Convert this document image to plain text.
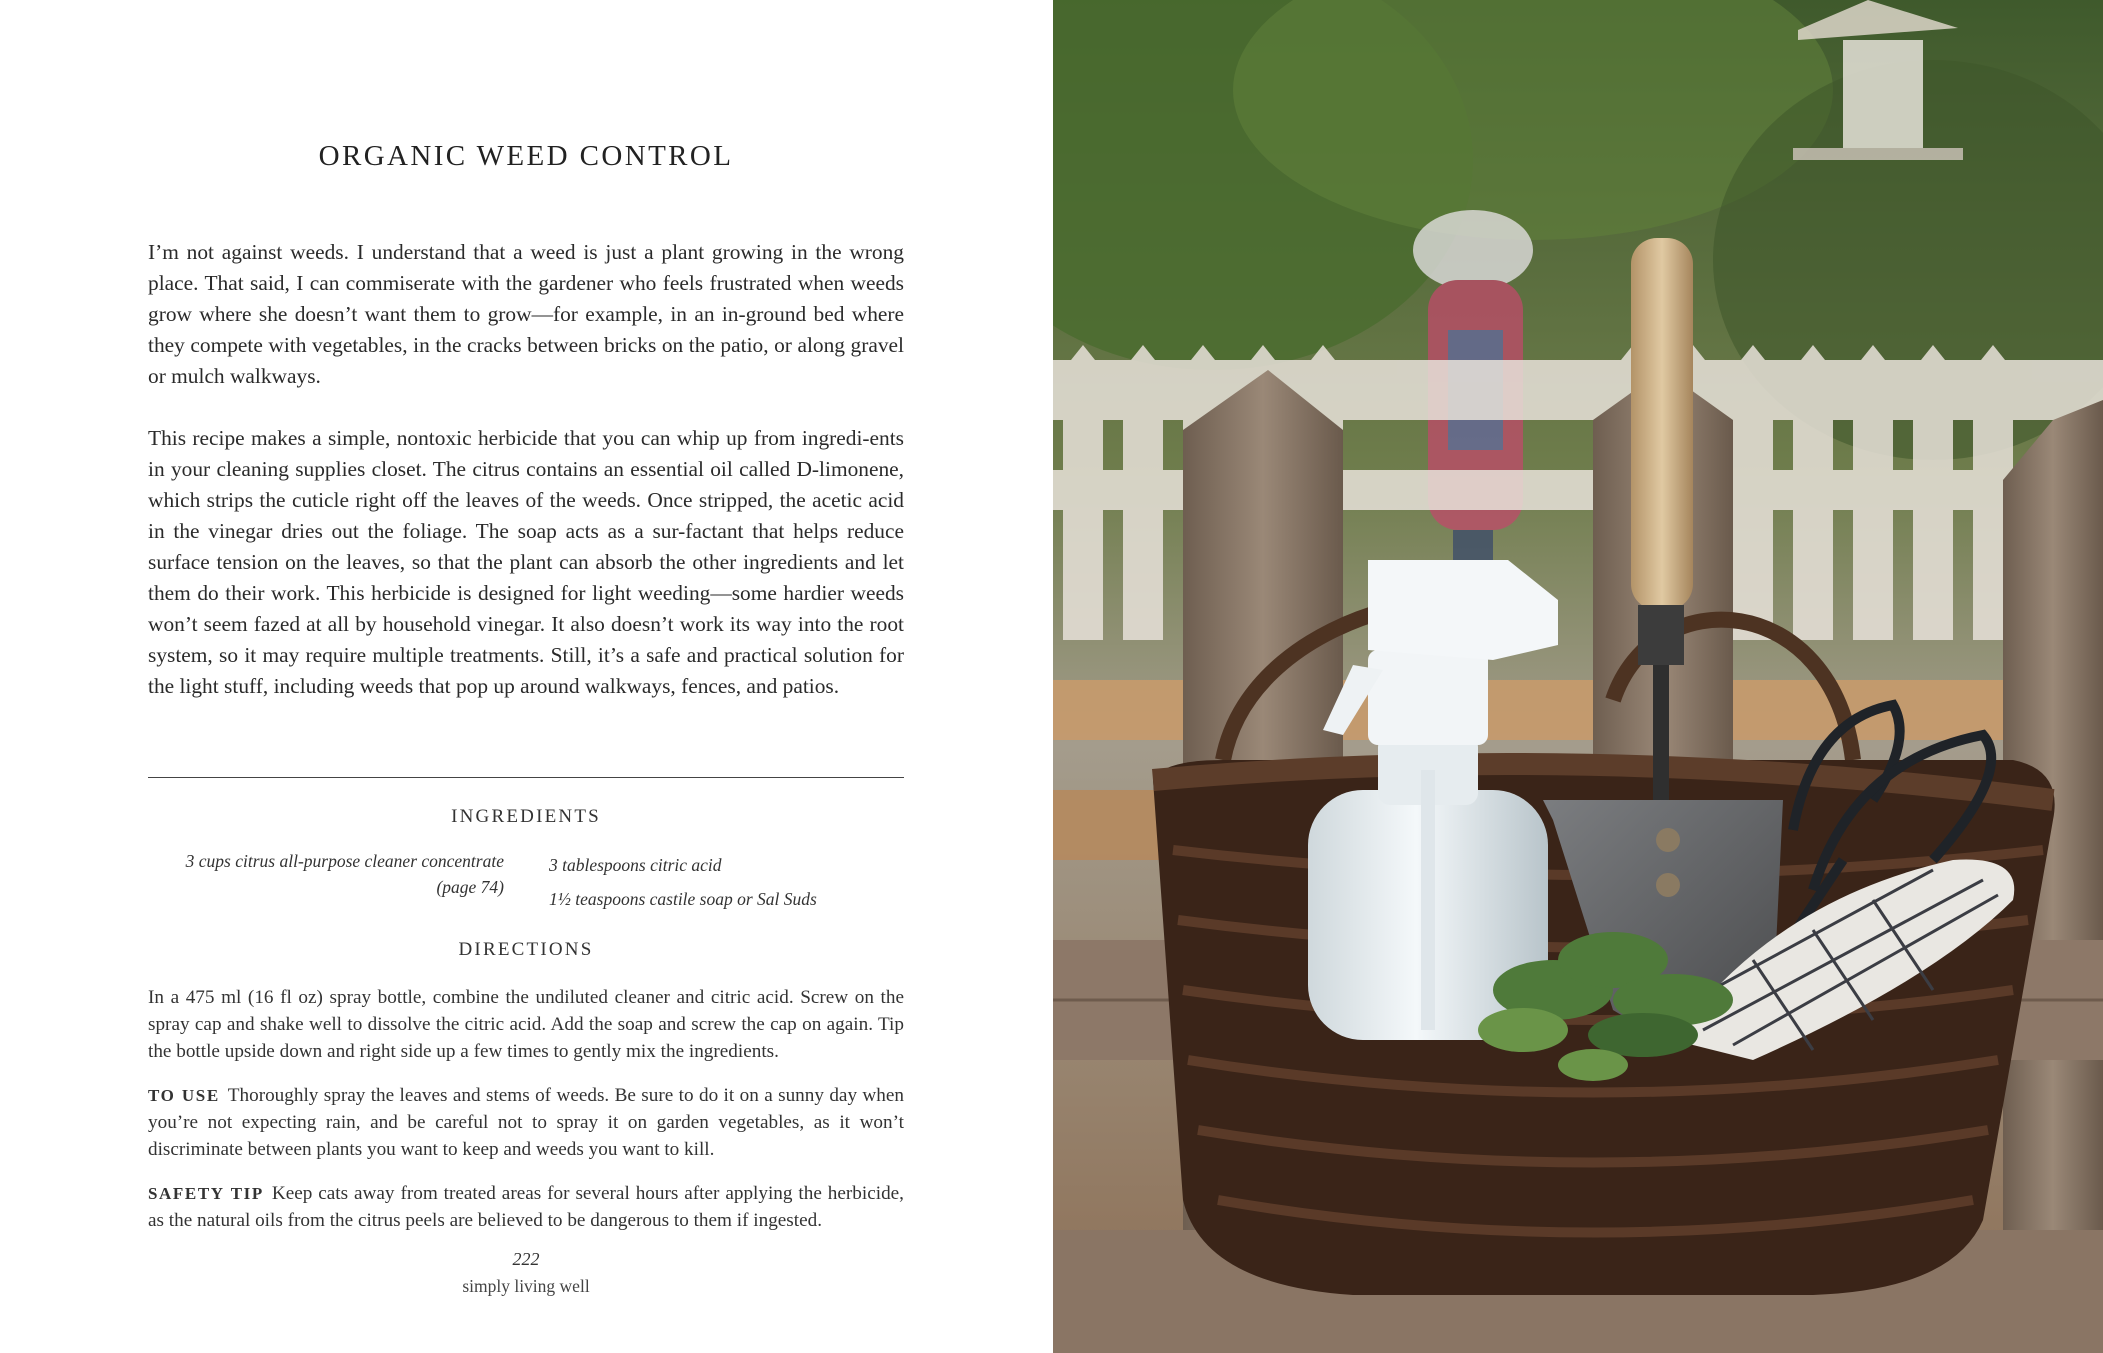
ORGANIC WEED CONTROL

I’m not against weeds. I understand that a weed is just a plant growing in the wrong place. That said, I can commiserate with the gardener who feels frustrated when weeds grow where she doesn’t want them to grow—for example, in an in-ground bed where they compete with vegetables, in the cracks between bricks on the patio, or along gravel or mulch walkways.

This recipe makes a simple, nontoxic herbicide that you can whip up from ingredi-ents in your cleaning supplies closet. The citrus contains an essential oil called D-limonene, which strips the cuticle right off the leaves of the weeds. Once stripped, the acetic acid in the vinegar dries out the foliage. The soap acts as a sur-factant that helps reduce surface tension on the leaves, so that the plant can absorb the other ingredients and let them do their work. This herbicide is designed for light weeding—some hardier weeds won’t seem fazed at all by household vinegar. It also doesn’t work its way into the root system, so it may require multiple treatments. Still, it’s a safe and practical solution for the light stuff, including weeds that pop up around walkways, fences, and patios.

INGREDIENTS
3 cups citrus all-purpose cleaner concentrate
(page 74)
3 tablespoons citric acid
1½ teaspoons castile soap or Sal Suds
DIRECTIONS

In a 475 ml (16 fl oz) spray bottle, combine the undiluted cleaner and citric acid. Screw on the spray cap and shake well to dissolve the citric acid. Add the soap and screw the cap on again. Tip the bottle upside down and right side up a few times to gently mix the ingredients.

TO USE Thoroughly spray the leaves and stems of weeds. Be sure to do it on a sunny day when you’re not expecting rain, and be careful not to spray it on garden vegetables, as it won’t discriminate between plants you want to keep and weeds you want to kill.

SAFETY TIP Keep cats away from treated areas for several hours after applying the herbicide, as the natural oils from the citrus peels are believed to be dangerous to them if ingested.

222
simply living well
